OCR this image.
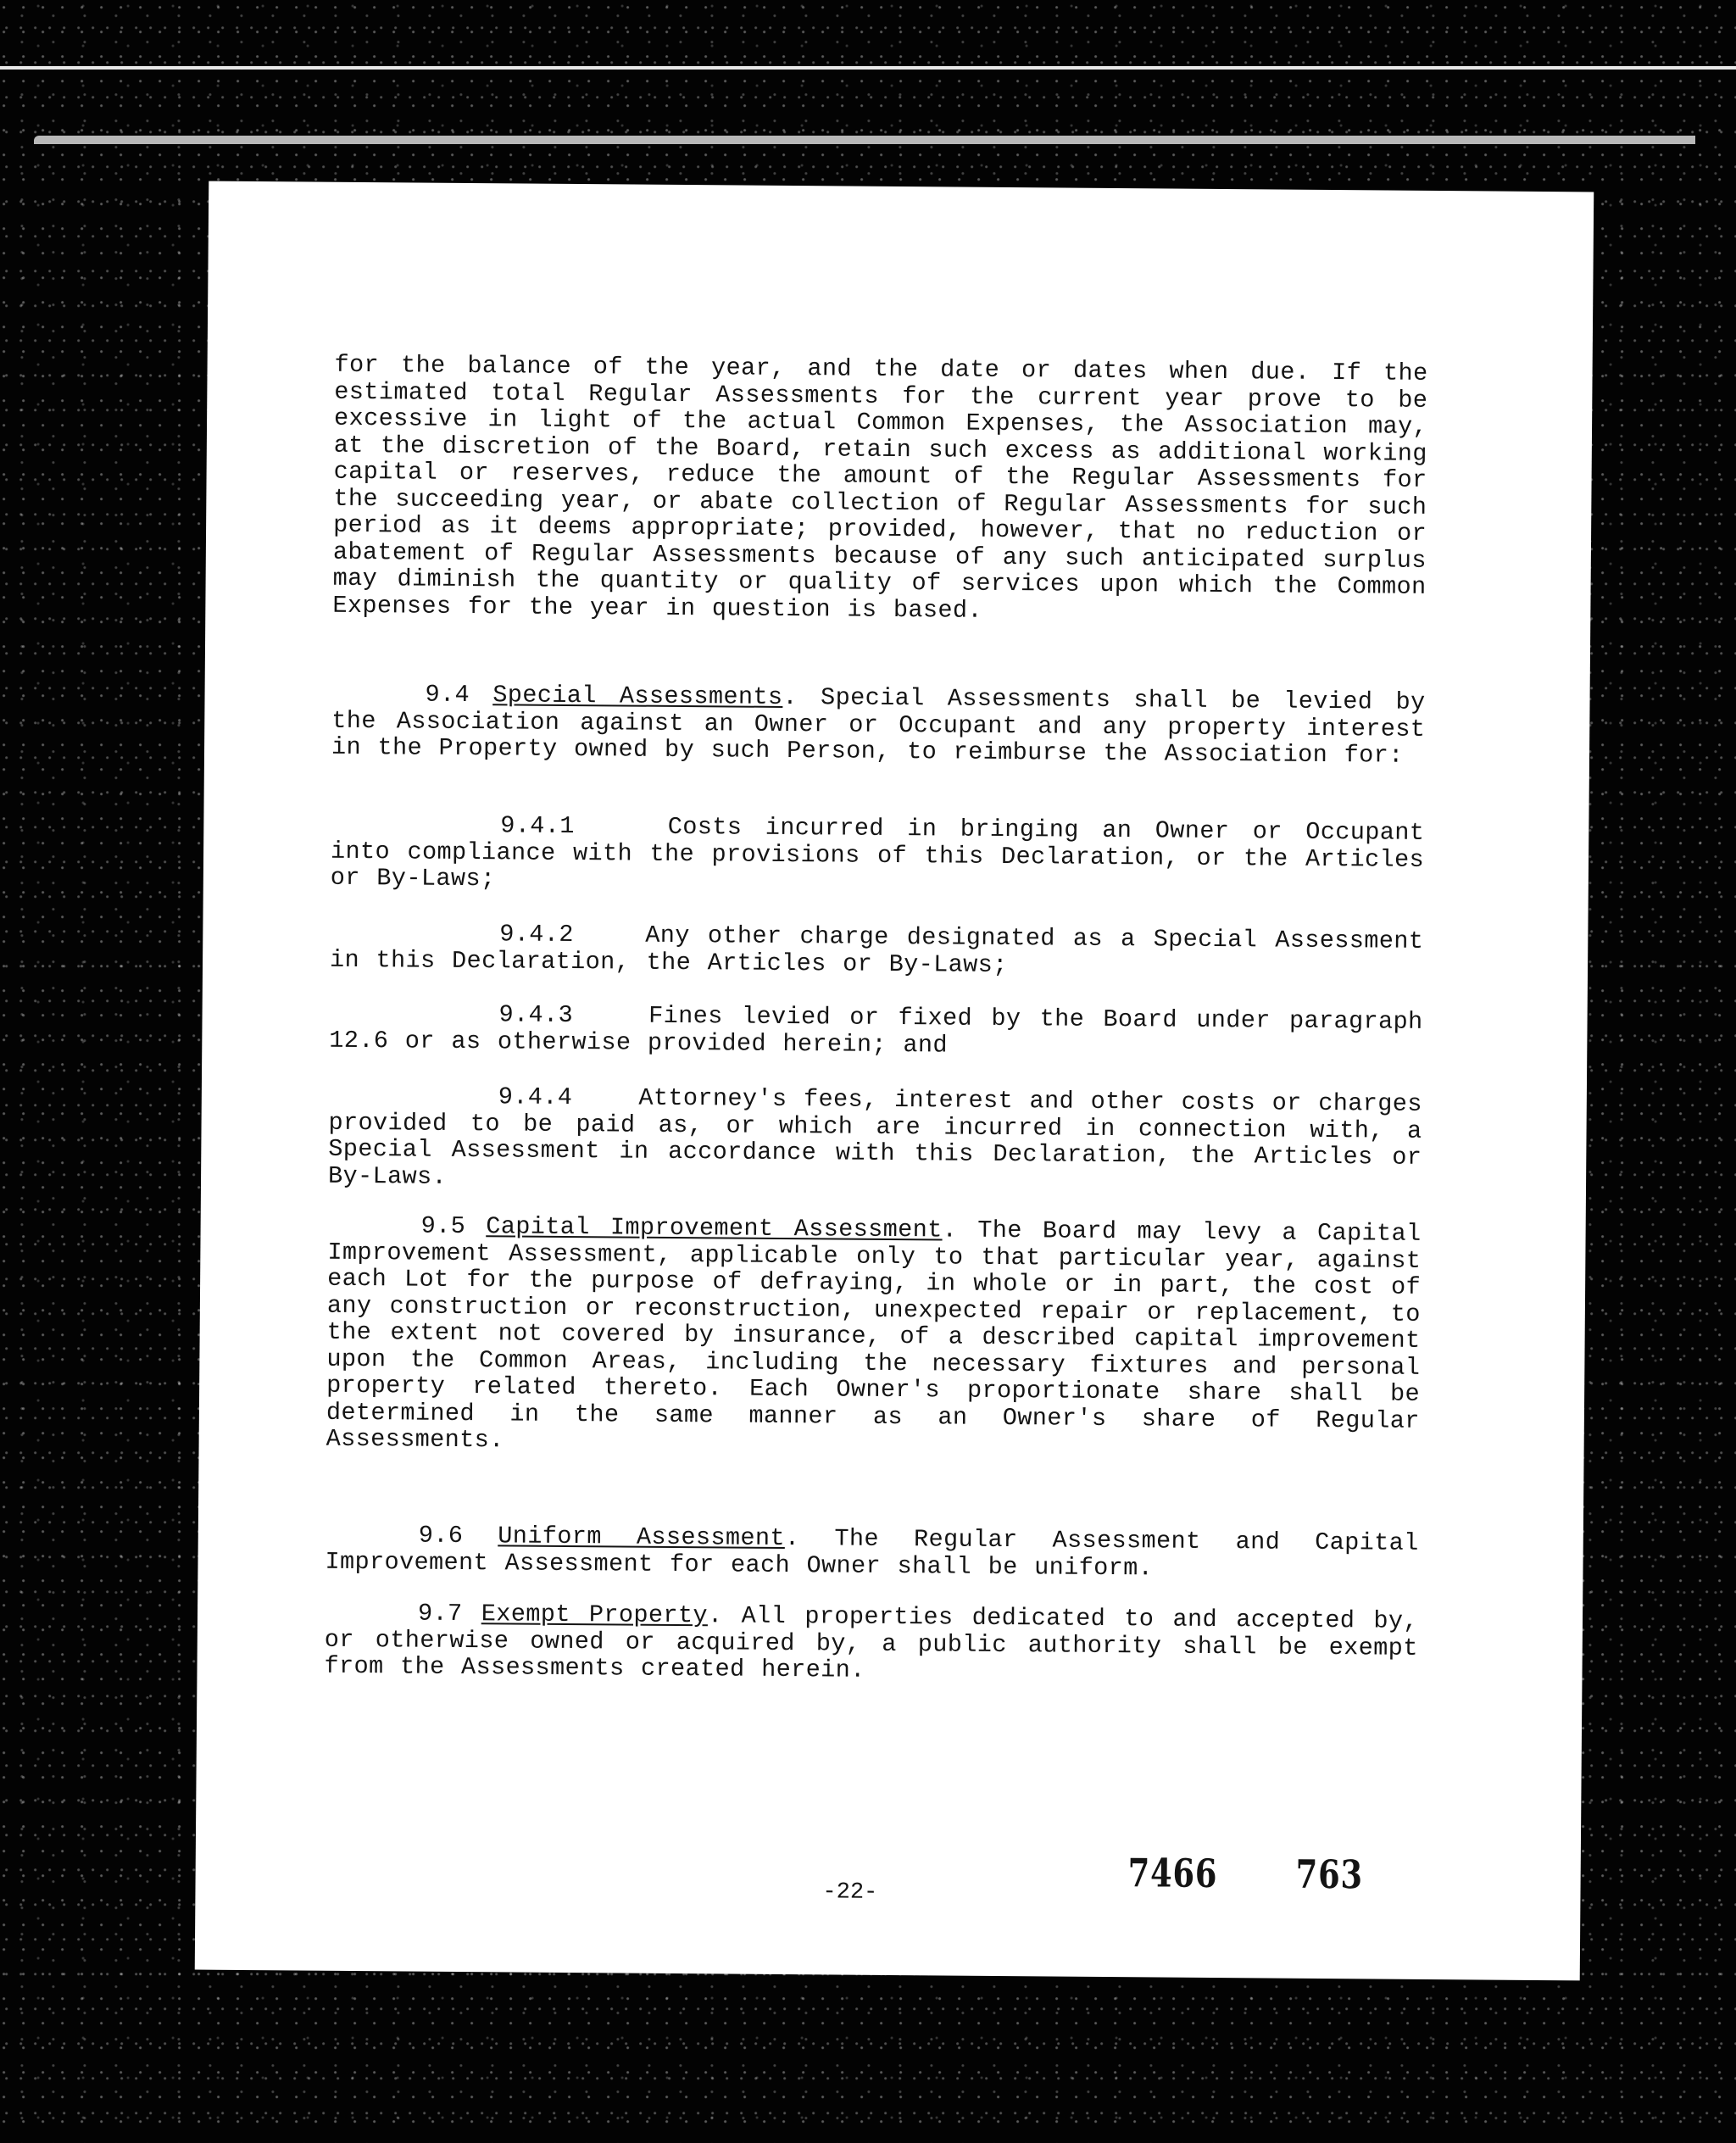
for the balance of the year, and the date or dates when due. If the estimated total Regular Assessments for the current year prove to be excessive in light of the actual Common Expenses, the Association may, at the discretion of the Board, retain such excess as additional working capital or reserves, reduce the amount of the Regular Assessments for the succeeding year, or abate collection of Regular Assessments for such period as it deems appropriate; provided, however, that no reduction or abatement of Regular Assessments because of any such anticipated surplus may diminish the quantity or quality of services upon which the Common Expenses for the year in question is based.

9.4 Special Assessments. Special Assessments shall be levied by the Association against an Owner or Occupant and any property interest in the Property owned by such Person, to reimburse the Association for:

9.4.1	Costs incurred in bringing an Owner or Occupant into compliance with the provisions of this Declaration, or the Articles or By-Laws;

9.4.2	Any other charge designated as a Special Assessment in this Declaration, the Articles or By-Laws;

9.4.3	Fines levied or fixed by the Board under paragraph 12.6 or as otherwise provided herein; and

9.4.4	Attorney's fees, interest and other costs or charges provided to be paid as, or which are incurred in connection with, a Special Assessment in accordance with this Declaration, the Articles or By-Laws.

9.5 Capital Improvement Assessment. The Board may levy a Capital Improvement Assessment, applicable only to that particular year, against each Lot for the purpose of defraying, in whole or in part, the cost of any construction or reconstruction, unexpected repair or replacement, to the extent not covered by insurance, of a described capital improvement upon the Common Areas, including the necessary fixtures and personal property related thereto. Each Owner's proportionate share shall be determined in the same manner as an Owner's share of Regular Assessments.

9.6 Uniform Assessment. The Regular Assessment and Capital Improvement Assessment for each Owner shall be uniform.

9.7 Exempt Property. All properties dedicated to and accepted by, or otherwise owned or acquired by, a public authority shall be exempt from the Assessments created herein.

-22-	7466 763
